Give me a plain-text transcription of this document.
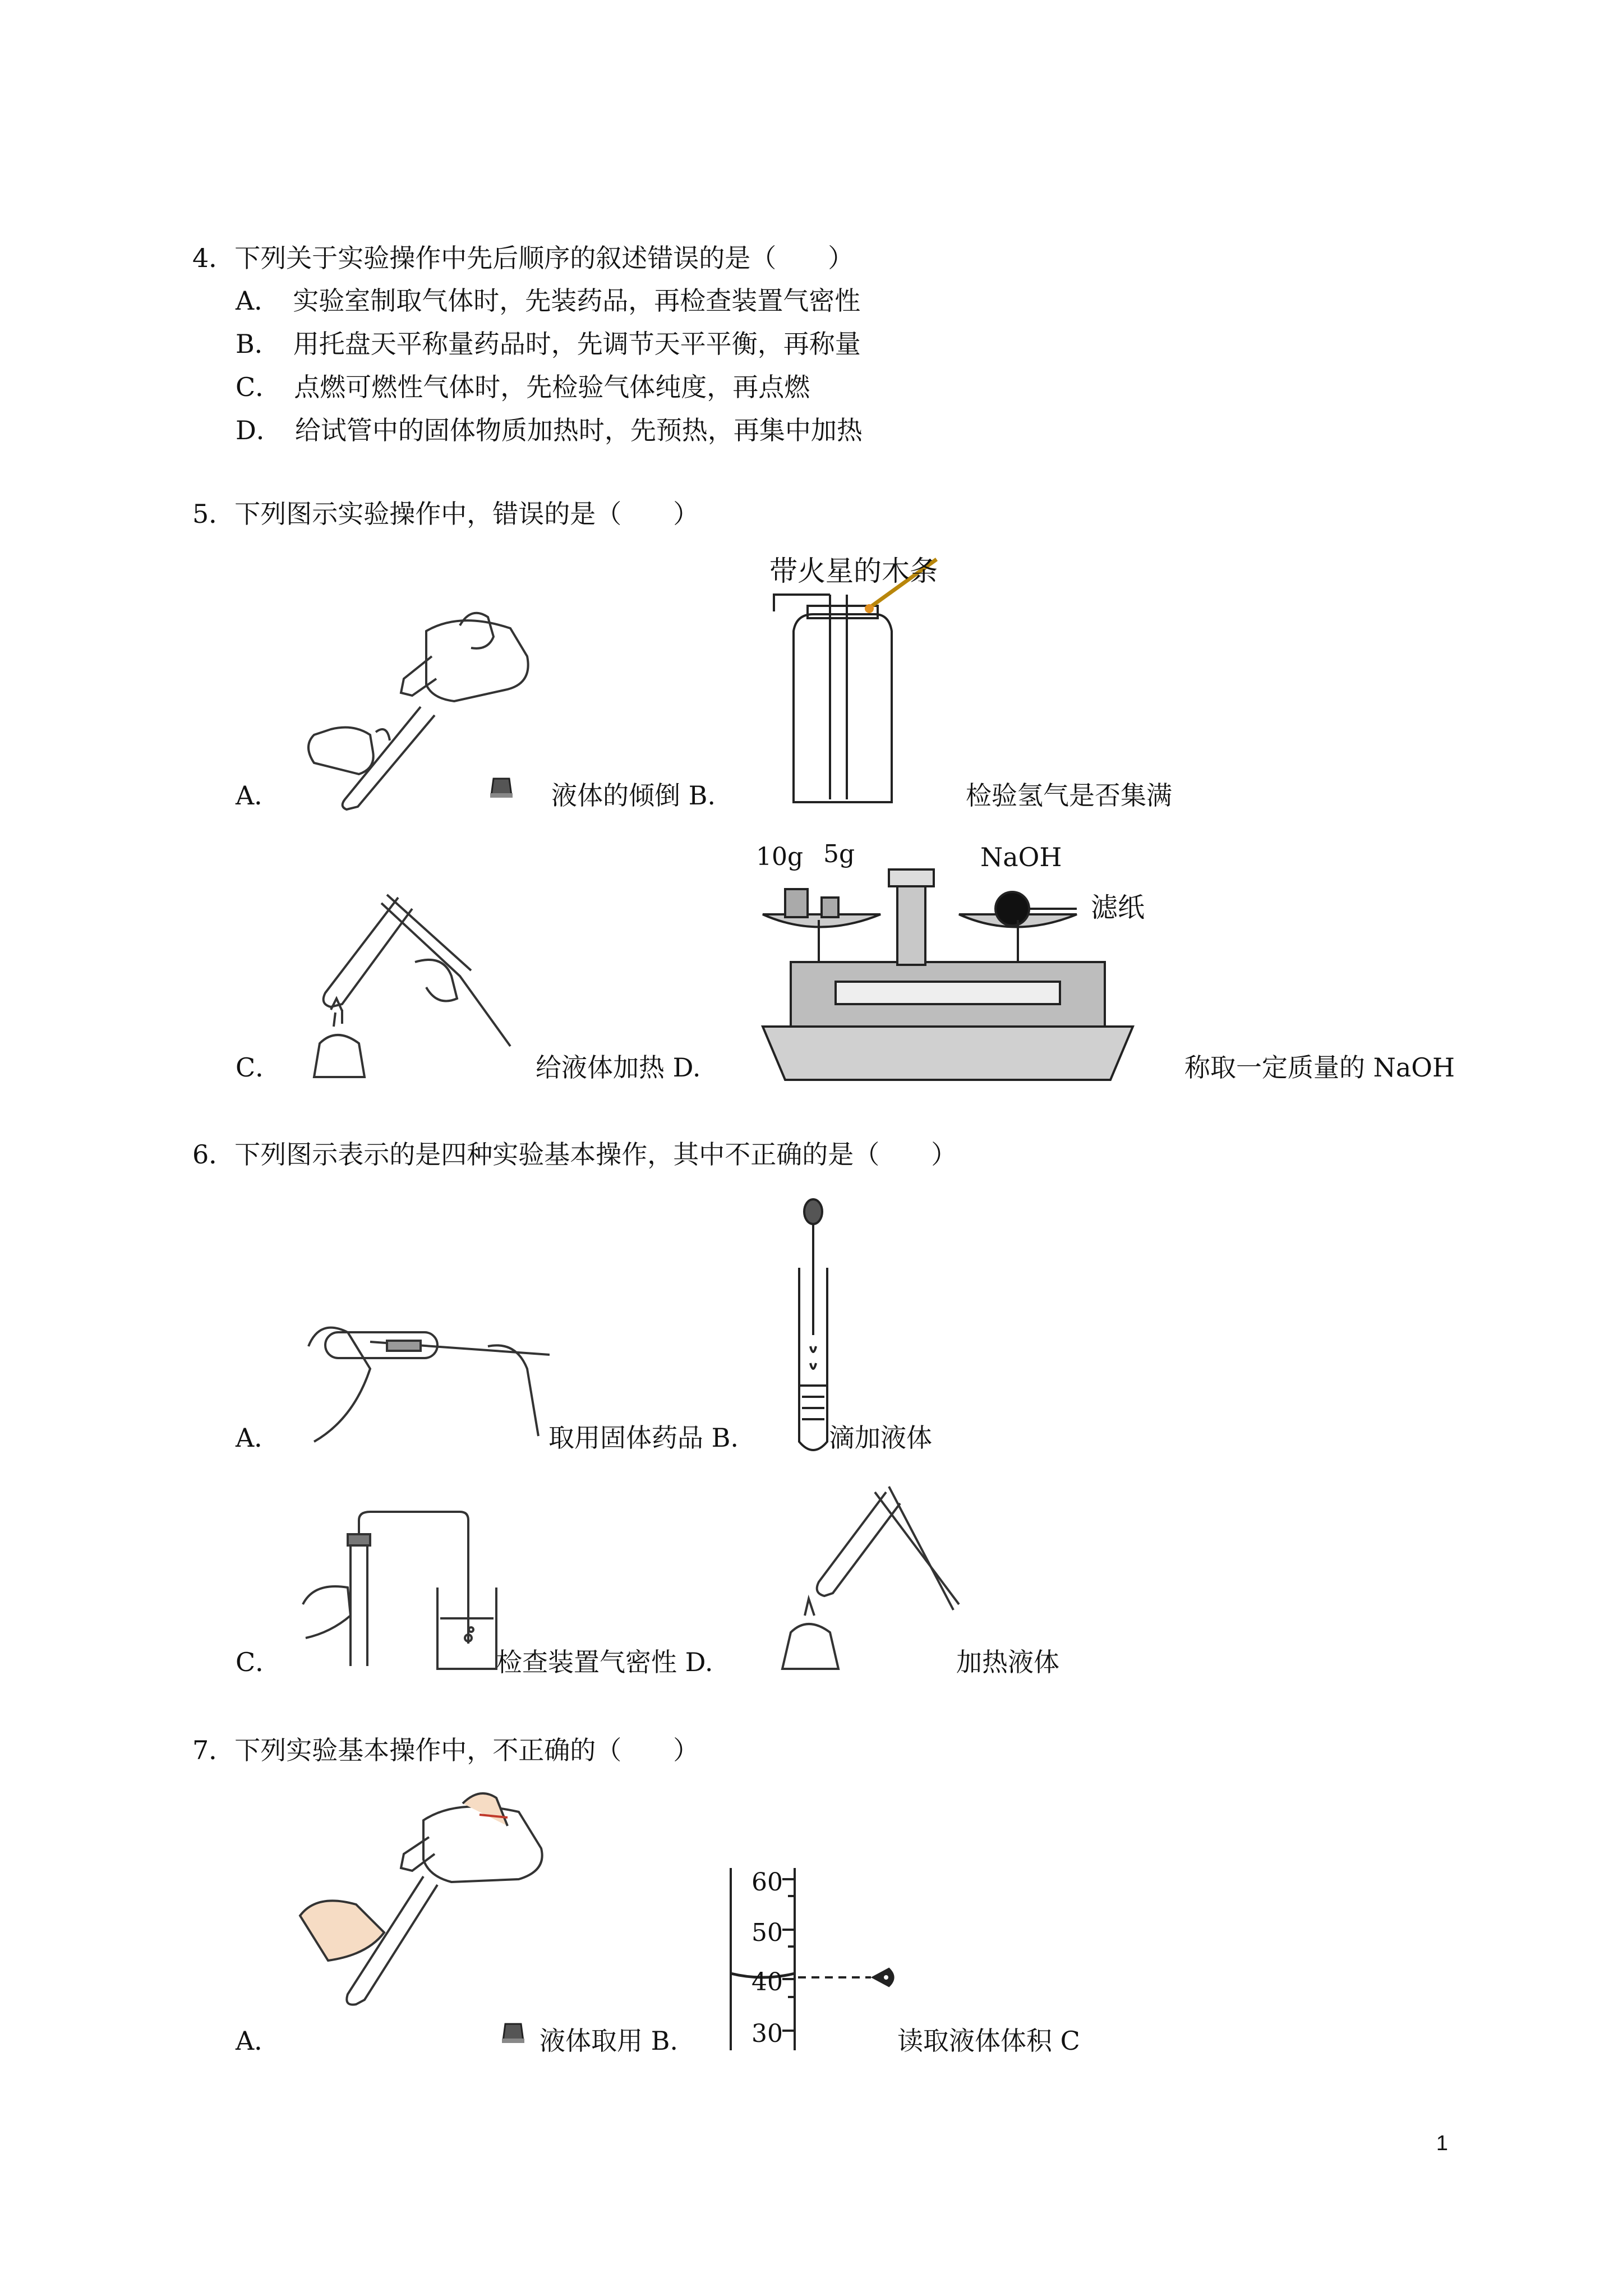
4．下列关于实验操作中先后顺序的叙述错误的是（　　）
A．　实验室制取气体时，先装药品，再检查装置气密性
B．　用托盘天平称量药品时，先调节天平平衡，再称量
C．　点燃可燃性气体时，先检验气体纯度，再点燃
D．　给试管中的固体物质加热时，先预热，再集中加热
5．下列图示实验操作中，错误的是（　　）
A．	液体的倾倒 B.
带火星的木条
检验氢气是否集满
C．	给液体加热 D.
10g 5g	NaOH
滤纸
称取一定质量的 NaOH
6．下列图示表示的是四种实验基本操作，其中不正确的是（　　）
A．	取用固体药品 B.	滴加液体
C．	检查装置气密性 D.	加热液体
7．下列实验基本操作中，不正确的（　　）
A．	液体取用 B.
60
50
40
30	读取液体体积 C
1
